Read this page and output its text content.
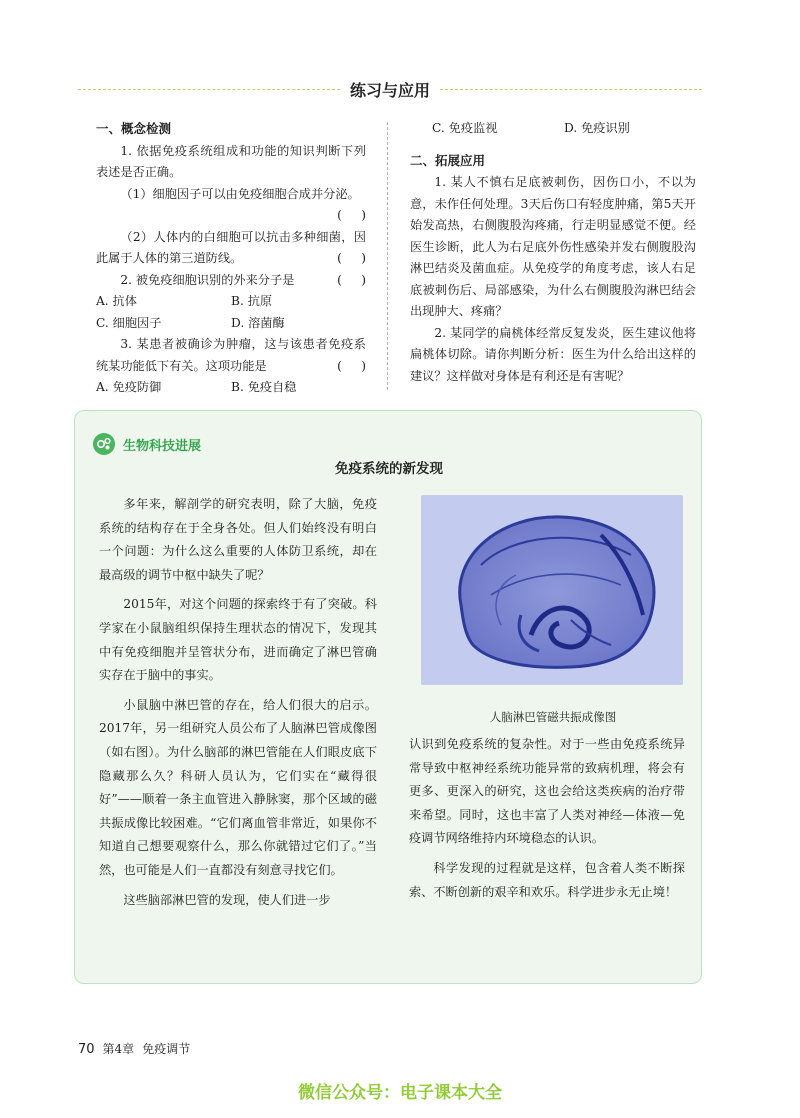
练习与应用
一、概念检测
1. 依据免疫系统组成和功能的知识判断下列表述是否正确。
（1）细胞因子可以由免疫细胞合成并分泌。
(     )
（2）人体内的白细胞可以抗击多种细菌，因此属于人体的第三道防线。	(     )
2. 被免疫细胞识别的外来分子是	(     )
A. 抗体	B. 抗原
C. 细胞因子	D. 溶菌酶
3. 某患者被确诊为肿瘤，这与该患者免疫系统某功能低下有关。这项功能是	(     )
A. 免疫防御	B. 免疫自稳
C. 免疫监视	D. 免疫识别
二、拓展应用
1. 某人不慎右足底被刺伤，因伤口小，不以为意，未作任何处理。3天后伤口有轻度肿痛，第5天开始发高热，右侧腹股沟疼痛，行走明显感觉不便。经医生诊断，此人为右足底外伤性感染并发右侧腹股沟淋巴结炎及菌血症。从免疫学的角度考虑，该人右足底被刺伤后、局部感染，为什么右侧腹股沟淋巴结会出现肿大、疼痛？
2. 某同学的扁桃体经常反复发炎，医生建议他将扁桃体切除。请你判断分析：医生为什么给出这样的建议？这样做对身体是有利还是有害呢？
生物科技进展
免疫系统的新发现
多年来，解剖学的研究表明，除了大脑，免疫系统的结构存在于全身各处。但人们始终没有明白一个问题：为什么这么重要的人体防卫系统，却在最高级的调节中枢中缺失了呢？
2015年，对这个问题的探索终于有了突破。科学家在小鼠脑组织保持生理状态的情况下，发现其中有免疫细胞并呈管状分布，进而确定了淋巴管确实存在于脑中的事实。
小鼠脑中淋巴管的存在，给人们很大的启示。2017年，另一组研究人员公布了人脑淋巴管成像图（如右图）。为什么脑部的淋巴管能在人们眼皮底下隐藏那么久？科研人员认为，它们实在“藏得很好”——顺着一条主血管进入静脉窦，那个区域的磁共振成像比较困难。“它们离血管非常近，如果你不知道自己想要观察什么，那么你就错过它们了。”当然，也可能是人们一直都没有刻意寻找它们。
这些脑部淋巴管的发现，使人们进一步
人脑淋巴管磁共振成像图
认识到免疫系统的复杂性。对于一些由免疫系统异常导致中枢神经系统功能异常的致病机理，将会有更多、更深入的研究，这也会给这类疾病的治疗带来希望。同时，这也丰富了人类对神经—体液—免疫调节网络维持内环境稳态的认识。
科学发现的过程就是这样，包含着人类不断探索、不断创新的艰辛和欢乐。科学进步永无止境！
70 第4章 免疫调节
微信公众号：电子课本大全
